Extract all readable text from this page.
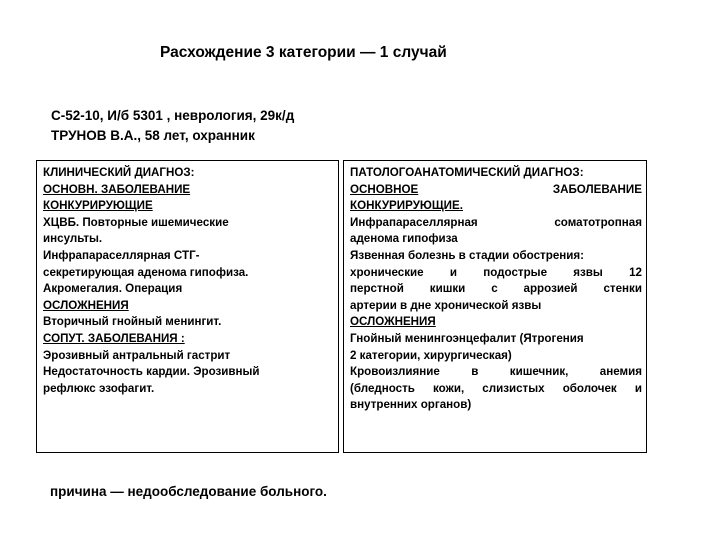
Расхождение 3 категории — 1 случай
С-52-10, И/б 5301 , неврология, 29к/д
ТРУНОВ В.А., 58 лет, охранник
КЛИНИЧЕСКИЙ ДИАГНОЗ:
ОСНОВН. ЗАБОЛЕВАНИЕ
КОНКУРИРУЮЩИЕ
ХЦВБ. Повторные ишемические
инсульты.
Инфрапараселлярная СТГ-
секретирующая аденома гипофиза.
Акромегалия. Операция
ОСЛОЖНЕНИЯ
Вторичный гнойный менингит.
СОПУТ. ЗАБОЛЕВАНИЯ :
Эрозивный антральный гастрит
Недостаточность кардии. Эрозивный
рефлюкс эзофагит.
ПАТОЛОГОАНАТОМИЧЕСКИЙ ДИАГНОЗ:
ОСНОВНОЕ	ЗАБОЛЕВАНИЕ
КОНКУРИРУЮЩИЕ.
Инфрапараселлярная	соматотропная
аденома гипофиза
Язвенная болезнь в стадии обострения:
хронические и подострые язвы 12
перстной кишки с аррозией стенки
артерии в дне хронической язвы
ОСЛОЖНЕНИЯ
Гнойный менингоэнцефалит (Ятрогения
2 категории, хирургическая)
Кровоизлияние	в	кишечник,	анемия
(бледность кожи, слизистых оболочек и
внутренних органов)
причина — недообследование больного.
